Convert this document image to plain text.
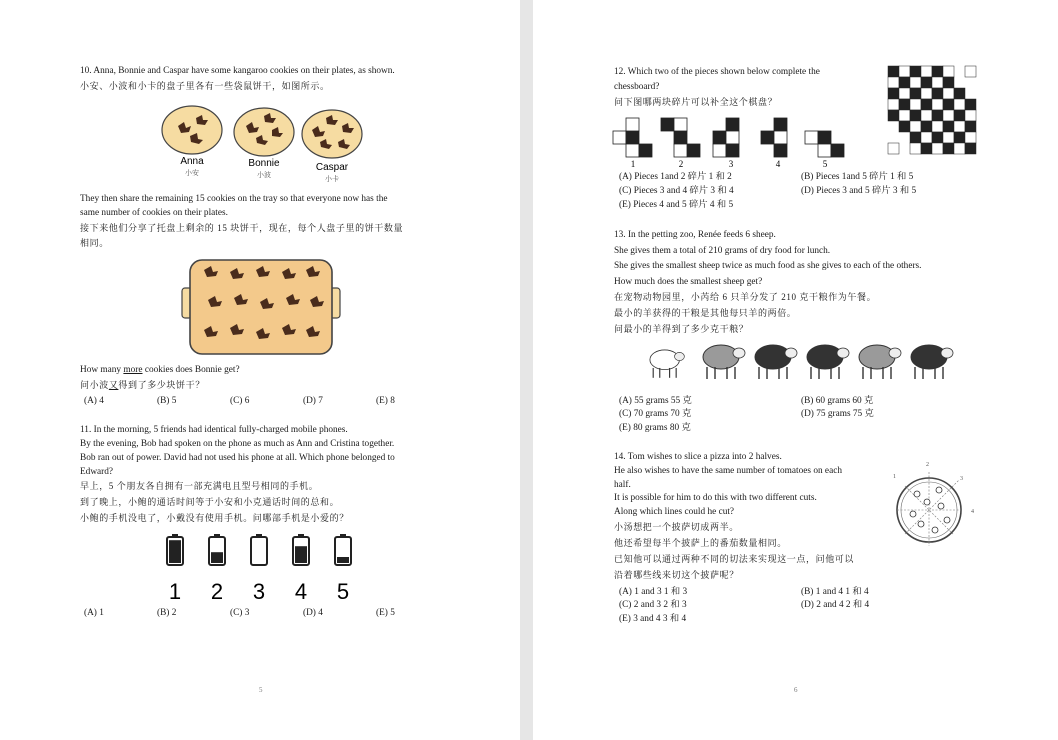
10. Anna, Bonnie and Caspar have some kangaroo cookies on their plates, as shown.
小安、小波和小卡的盘子里各有一些袋鼠饼干，如图所示。
Anna
小安
Bonnie
小波
Caspar
小卡
They then share the remaining 15 cookies on the tray so that everyone now has the
same number of cookies on their plates.
接下来他们分享了托盘上剩余的 15 块饼干，现在，每个人盘子里的饼干数量
相同。
How many more cookies does Bonnie get?
问小波又得到了多少块饼干？
(A) 4	(B) 5	(C) 6	(D) 7	(E) 8
11. In the morning, 5 friends had identical fully-charged mobile phones.
By the evening, Bob had spoken on the phone as much as Ann and Cristina together.
Bob ran out of power. David had not used his phone at all. Which phone belonged to
Edward?
早上，5 个朋友各自拥有一部充满电且型号相同的手机。
到了晚上，小鲍的通话时间等于小安和小克通话时间的总和。
小鲍的手机没电了，小戴没有使用手机。问哪部手机是小爱的？
1 2 3 4 5
(A) 1	(B) 2	(C) 3	(D) 4	(E) 5
5
12. Which two of the pieces shown below complete the
chessboard?
问下图哪两块碎片可以补全这个棋盘？
1	2	3	4	5
(A) Pieces 1and 2 碎片 1 和 2	(B) Pieces 1and 5 碎片 1 和 5
(C) Pieces 3 and 4 碎片 3 和 4	(D) Pieces 3 and 5 碎片 3 和 5
(E) Pieces 4 and 5 碎片 4 和 5
13. In the petting zoo, Renée feeds 6 sheep.
She gives them a total of 210 grams of dry food for lunch.
She gives the smallest sheep twice as much food as she gives to each of the others.
How much does the smallest sheep get?
在宠物动物园里，小芮给 6 只羊分发了 210 克干粮作为午餐。
最小的羊获得的干粮是其他每只羊的两倍。
问最小的羊得到了多少克干粮？
(A) 55 grams 55 克	(B) 60 grams 60 克
(C) 70 grams 70 克	(D) 75 grams 75 克
(E) 80 grams 80 克
14. Tom wishes to slice a pizza into 2 halves.
He also wishes to have the same number of tomatoes on each
half.
It is possible for him to do this with two different cuts.
Along which lines could he cut?
小汤想把一个披萨切成两半。
他还希望每半个披萨上的番茄数量相同。
已知他可以通过两种不同的切法来实现这一点，问他可以
沿着哪些线来切这个披萨呢？
2
3
4
1
(A) 1 and 3 1 和 3	(B) 1 and 4 1 和 4
(C) 2 and 3 2 和 3	(D) 2 and 4 2 和 4
(E) 3 and 4 3 和 4
6
